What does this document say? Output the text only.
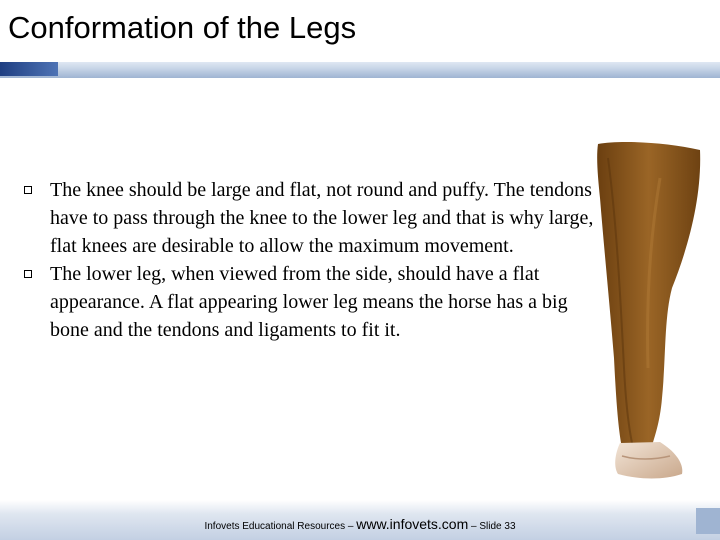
Conformation of the Legs
The knee should be large and flat, not round and puffy. The tendons have to pass through the knee to the lower leg and that is why large, flat knees are desirable to allow the maximum movement.
The lower leg, when viewed from the side, should have a flat appearance. A flat appearing lower leg means the horse has a big bone and the tendons and ligaments to fit it.
Infovets Educational Resources – www.infovets.com – Slide 33
